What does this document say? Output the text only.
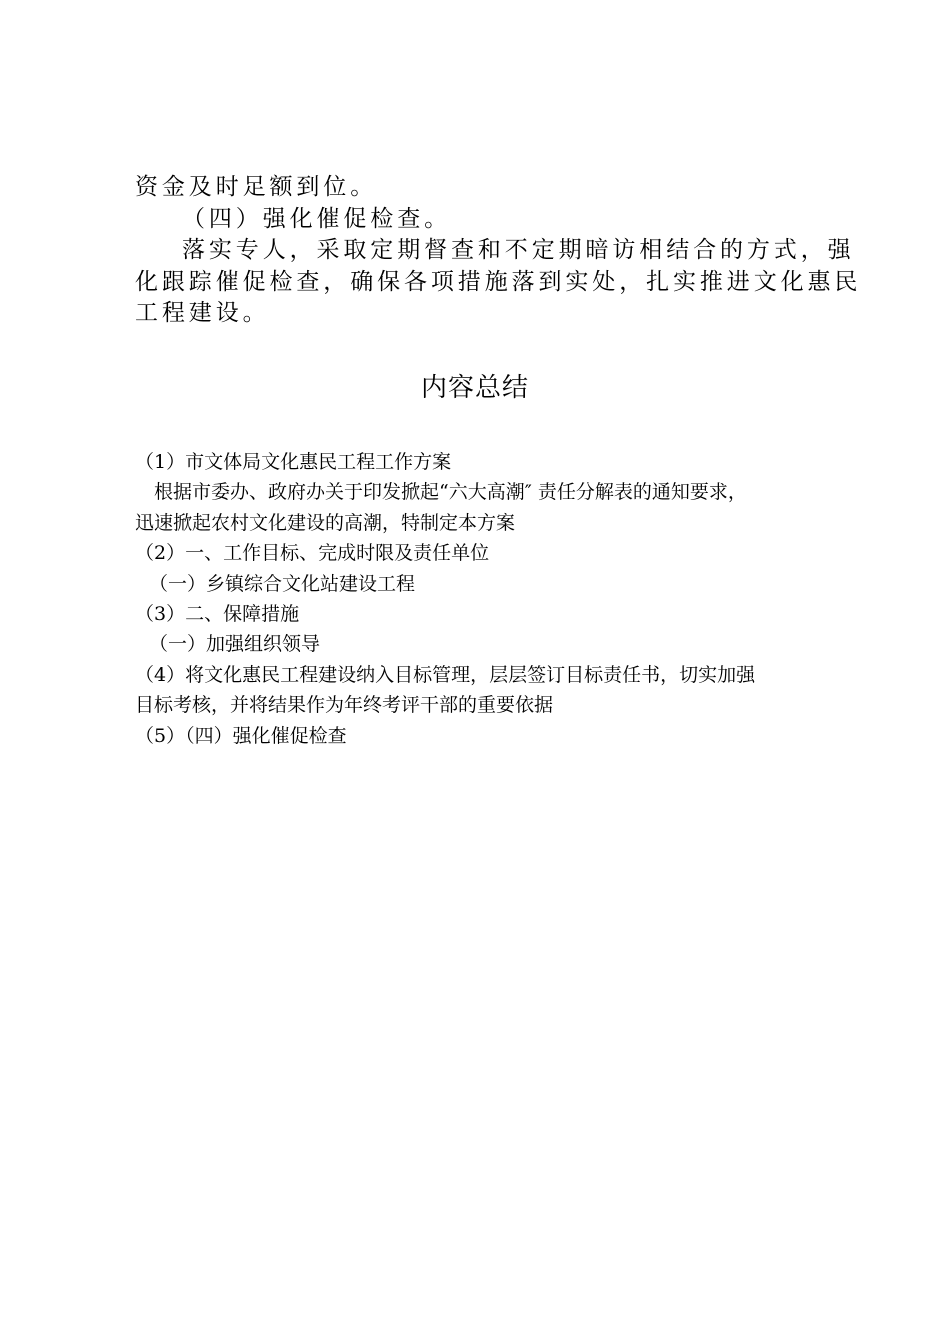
资金及时足额到位。

（四）强化催促检查。

落实专人，采取定期督查和不定期暗访相结合的方式，强

化跟踪催促检查，确保各项措施落到实处，扎实推进文化惠民

工程建设。

内容总结

（1）市文体局文化惠民工程工作方案

根据市委办、政府办关于印发掀起“六大高潮″ 责任分解表的通知要求，

迅速掀起农村文化建设的高潮，特制定本方案

（2）一、工作目标、完成时限及责任单位

（一）乡镇综合文化站建设工程

（3）二、保障措施

（一）加强组织领导

（4）将文化惠民工程建设纳入目标管理，层层签订目标责任书，切实加强

目标考核，并将结果作为年终考评干部的重要依据

（5）（四）强化催促检查
